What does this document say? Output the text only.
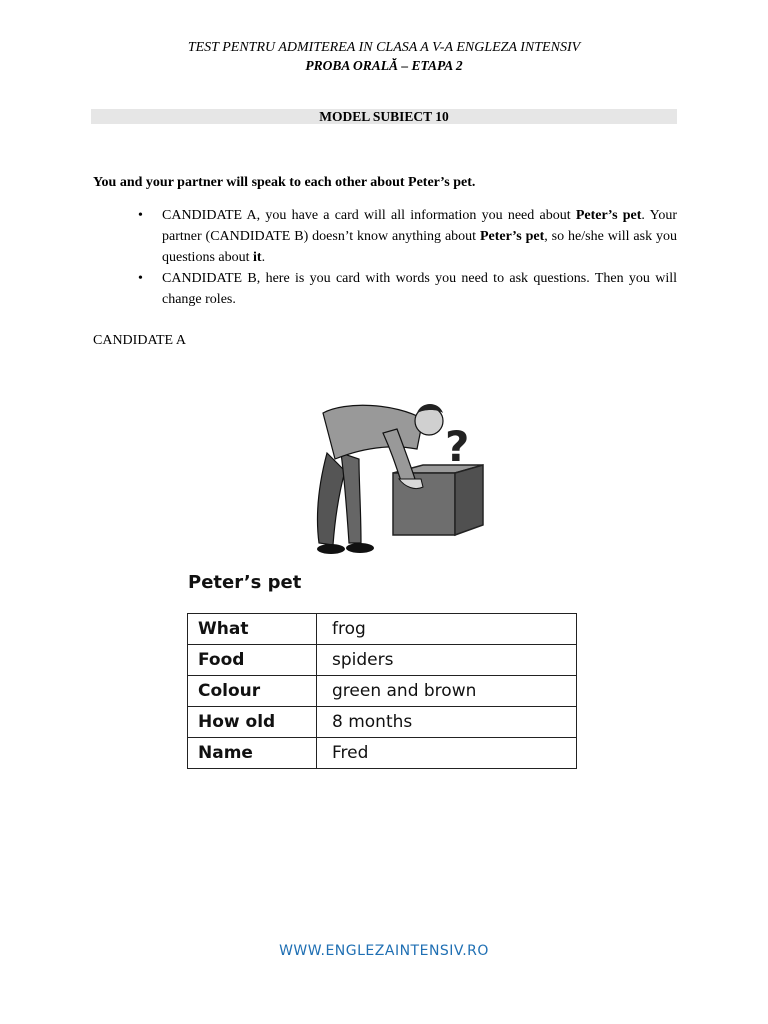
TEST PENTRU ADMITEREA IN CLASA A V-A ENGLEZA INTENSIV
PROBA ORALĂ – ETAPA 2
MODEL SUBIECT 10
You and your partner will speak to each other about Peter’s pet.
• CANDIDATE A, you have a card will all information you need about Peter’s pet. Your partner (CANDIDATE B) doesn’t know anything about Peter’s pet, so he/she will ask you questions about it.
• CANDIDATE B, here is you card with words you need to ask questions. Then you will change roles.
CANDIDATE A
?
Peter’s pet
What	frog
Food	spiders
Colour	green and brown
How old	8 months
Name	Fred
WWW.ENGLEZAINTENSIV.RO
